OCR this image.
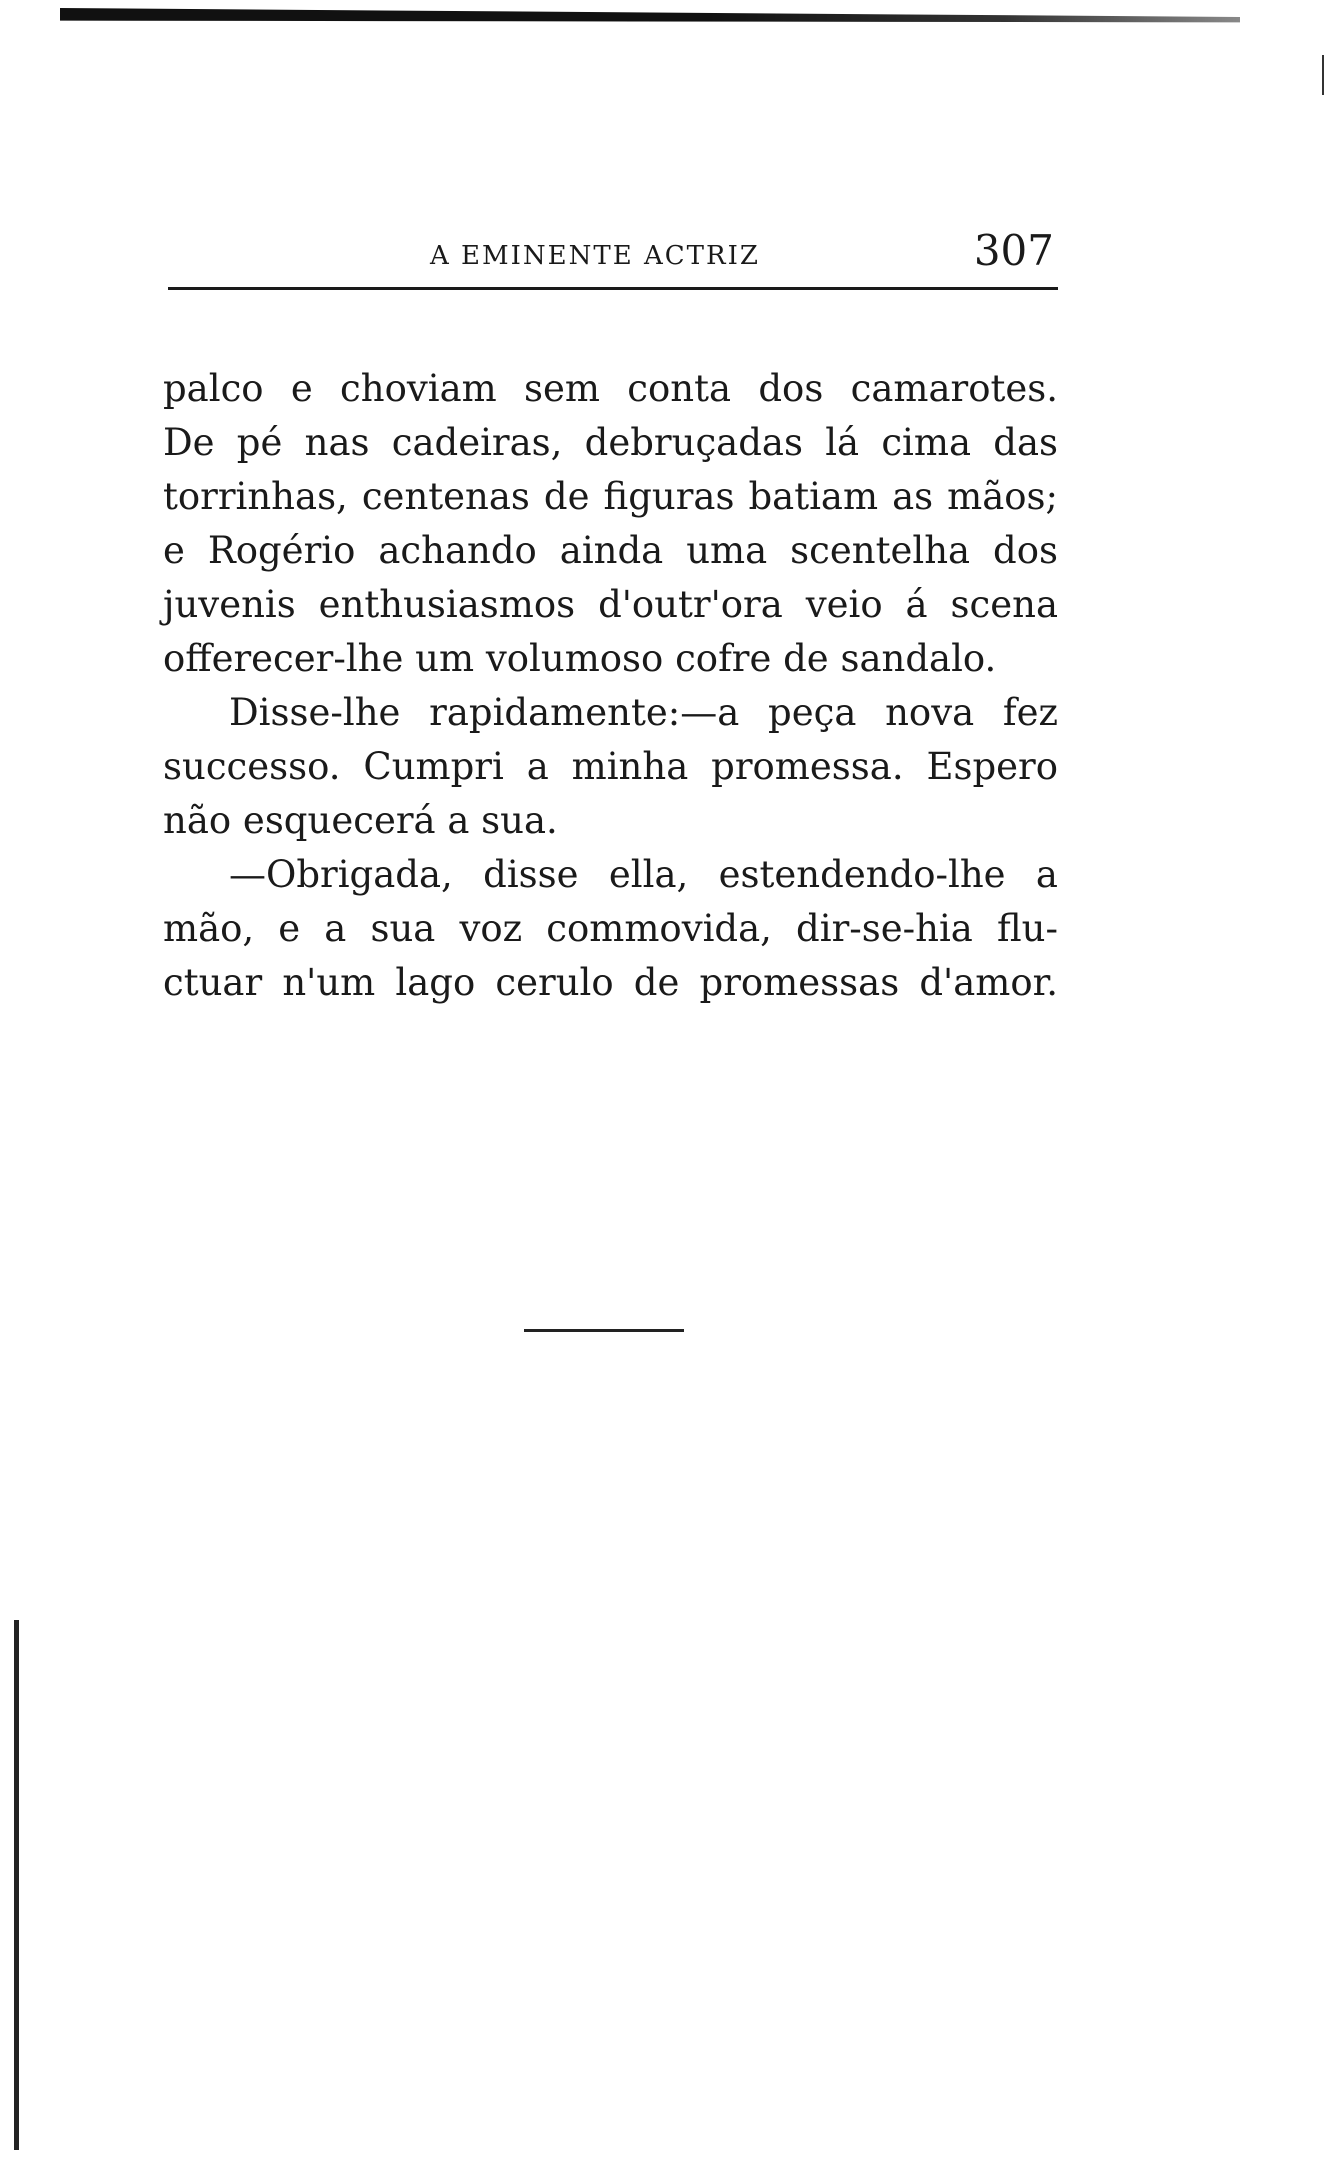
A EMINENTE ACTRIZ	307
palco e choviam sem conta dos camarotes.
De pé nas cadeiras, debruçadas lá cima das
torrinhas, centenas de figuras batiam as mãos;
e Rogério achando ainda uma scentelha dos
juvenis enthusiasmos d'outr'ora veio á scena
offerecer-lhe um volumoso cofre de sandalo.
Disse-lhe rapidamente:—a peça nova fez
successo. Cumpri a minha promessa. Espero
não esquecerá a sua.
—Obrigada, disse ella, estendendo-lhe a
mão, e a sua voz commovida, dir-se-hia flu-
ctuar n'um lago cerulo de promessas d'amor.
